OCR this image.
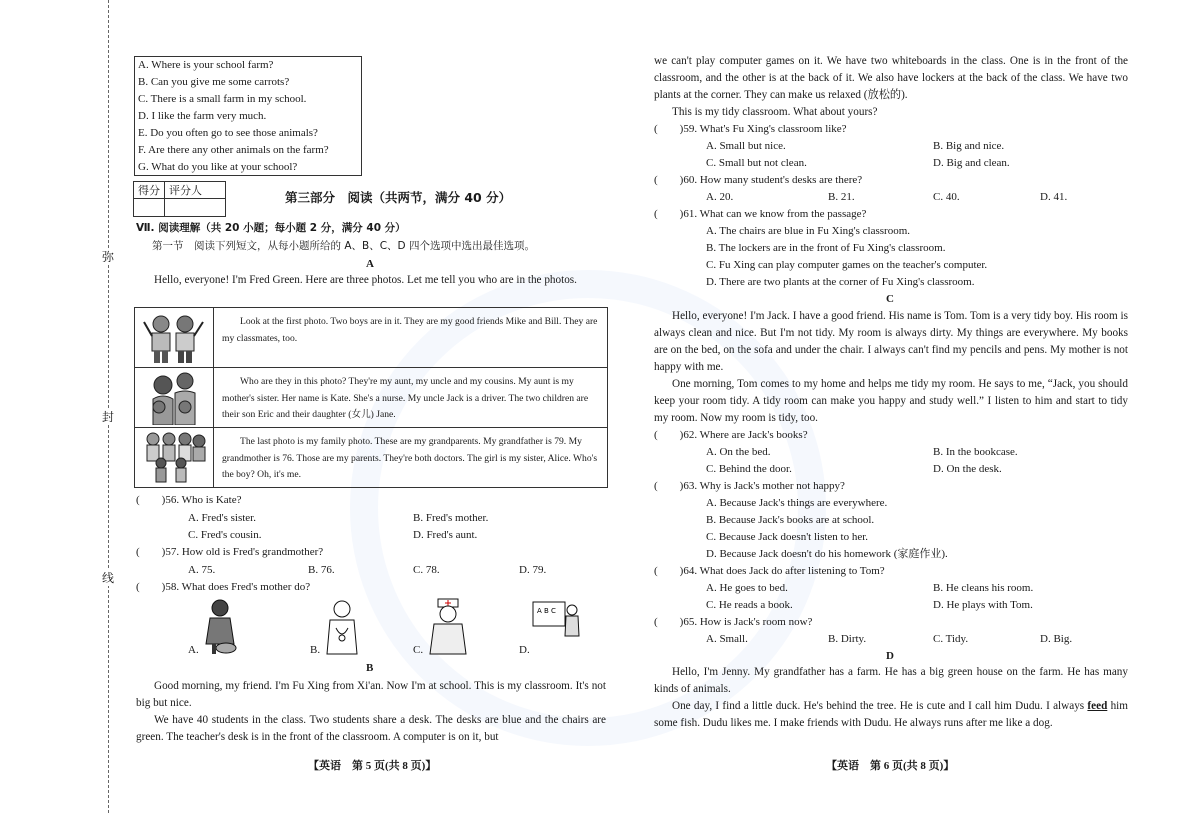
弥
封
线
A. Where is your school farm?
B. Can you give me some carrots?
C. There is a small farm in my school.
D. I like the farm very much.
E. Do you often go to see those animals?
F. Are there any other animals on the farm?
G. What do you like at your school?
得分	评分人
		第三部分　阅读（共两节，满分 40 分）
Ⅶ. 阅读理解（共 20 小题；每小题 2 分，满分 40 分）
第一节　阅读下列短文，从每小题所给的 A、B、C、D 四个选项中选出最佳选项。
A
Hello, everyone! I'm Fred Green. Here are three photos. Let me tell you who are in the photos.
Look at the first photo. Two boys are in it. They are my good friends Mike and Bill. They are my classmates, too.
Who are they in this photo? They're my aunt, my uncle and my cousins. My aunt is my mother's sister. Her name is Kate. She's a nurse. My uncle Jack is a driver. The two children are their son Eric and their daughter (女儿) Jane.
The last photo is my family photo. These are my grandparents. My grandfather is 79. My grandmother is 76. Those are my parents. They're both doctors. The girl is my sister, Alice. Who's the boy? Oh, it's me.
(　　)56. Who is Kate?
A. Fred's sister.	B. Fred's mother.
C. Fred's cousin.	D. Fred's aunt.
(　　)57. How old is Fred's grandmother?
A. 75.	B. 76.	C. 78.	D. 79.
(　　)58. What does Fred's mother do?
A.	B.	C.	D.
A B C
B
Good morning, my friend. I'm Fu Xing from Xi'an. Now I'm at school. This is my classroom. It's not big but nice.
We have 40 students in the class. Two students share a desk. The desks are blue and the chairs are green. The teacher's desk is in the front of the classroom. A computer is on it, but
【英语　第 5 页(共 8 页)】
we can't play computer games on it. We have two whiteboards in the class. One is in the front of the classroom, and the other is at the back of it. We also have lockers at the back of the class. We have two plants at the corner. They can make us relaxed (放松的).
This is my tidy classroom. What about yours?
(　　)59. What's Fu Xing's classroom like?
A. Small but nice.	B. Big and nice.
C. Small but not clean.	D. Big and clean.
(　　)60. How many student's desks are there?
A. 20.	B. 21.	C. 40.	D. 41.
(　　)61. What can we know from the passage?
A. The chairs are blue in Fu Xing's classroom.
B. The lockers are in the front of Fu Xing's classroom.
C. Fu Xing can play computer games on the teacher's computer.
D. There are two plants at the corner of Fu Xing's classroom.
C
Hello, everyone! I'm Jack. I have a good friend. His name is Tom. Tom is a very tidy boy. His room is always clean and nice. But I'm not tidy. My room is always dirty. My things are everywhere. My books are on the bed, on the sofa and under the chair. I always can't find my pencils and pens. My mother is not happy with me.
One morning, Tom comes to my home and helps me tidy my room. He says to me, “Jack, you should keep your room tidy. A tidy room can make you happy and study well.” I listen to him and start to tidy my room. Now my room is tidy, too.
(　　)62. Where are Jack's books?
A. On the bed.	B. In the bookcase.
C. Behind the door.	D. On the desk.
(　　)63. Why is Jack's mother not happy?
A. Because Jack's things are everywhere.
B. Because Jack's books are at school.
C. Because Jack doesn't listen to her.
D. Because Jack doesn't do his homework (家庭作业).
(　　)64. What does Jack do after listening to Tom?
A. He goes to bed.	B. He cleans his room.
C. He reads a book.	D. He plays with Tom.
(　　)65. How is Jack's room now?
A. Small.	B. Dirty.	C. Tidy.	D. Big.
D
Hello, I'm Jenny. My grandfather has a farm. He has a big green house on the farm. He has many kinds of animals.
One day, I find a little duck. He's behind the tree. He is cute and I call him Dudu. I always feed him some fish. Dudu likes me. I make friends with Dudu. He always runs after me like a dog.
【英语　第 6 页(共 8 页)】
